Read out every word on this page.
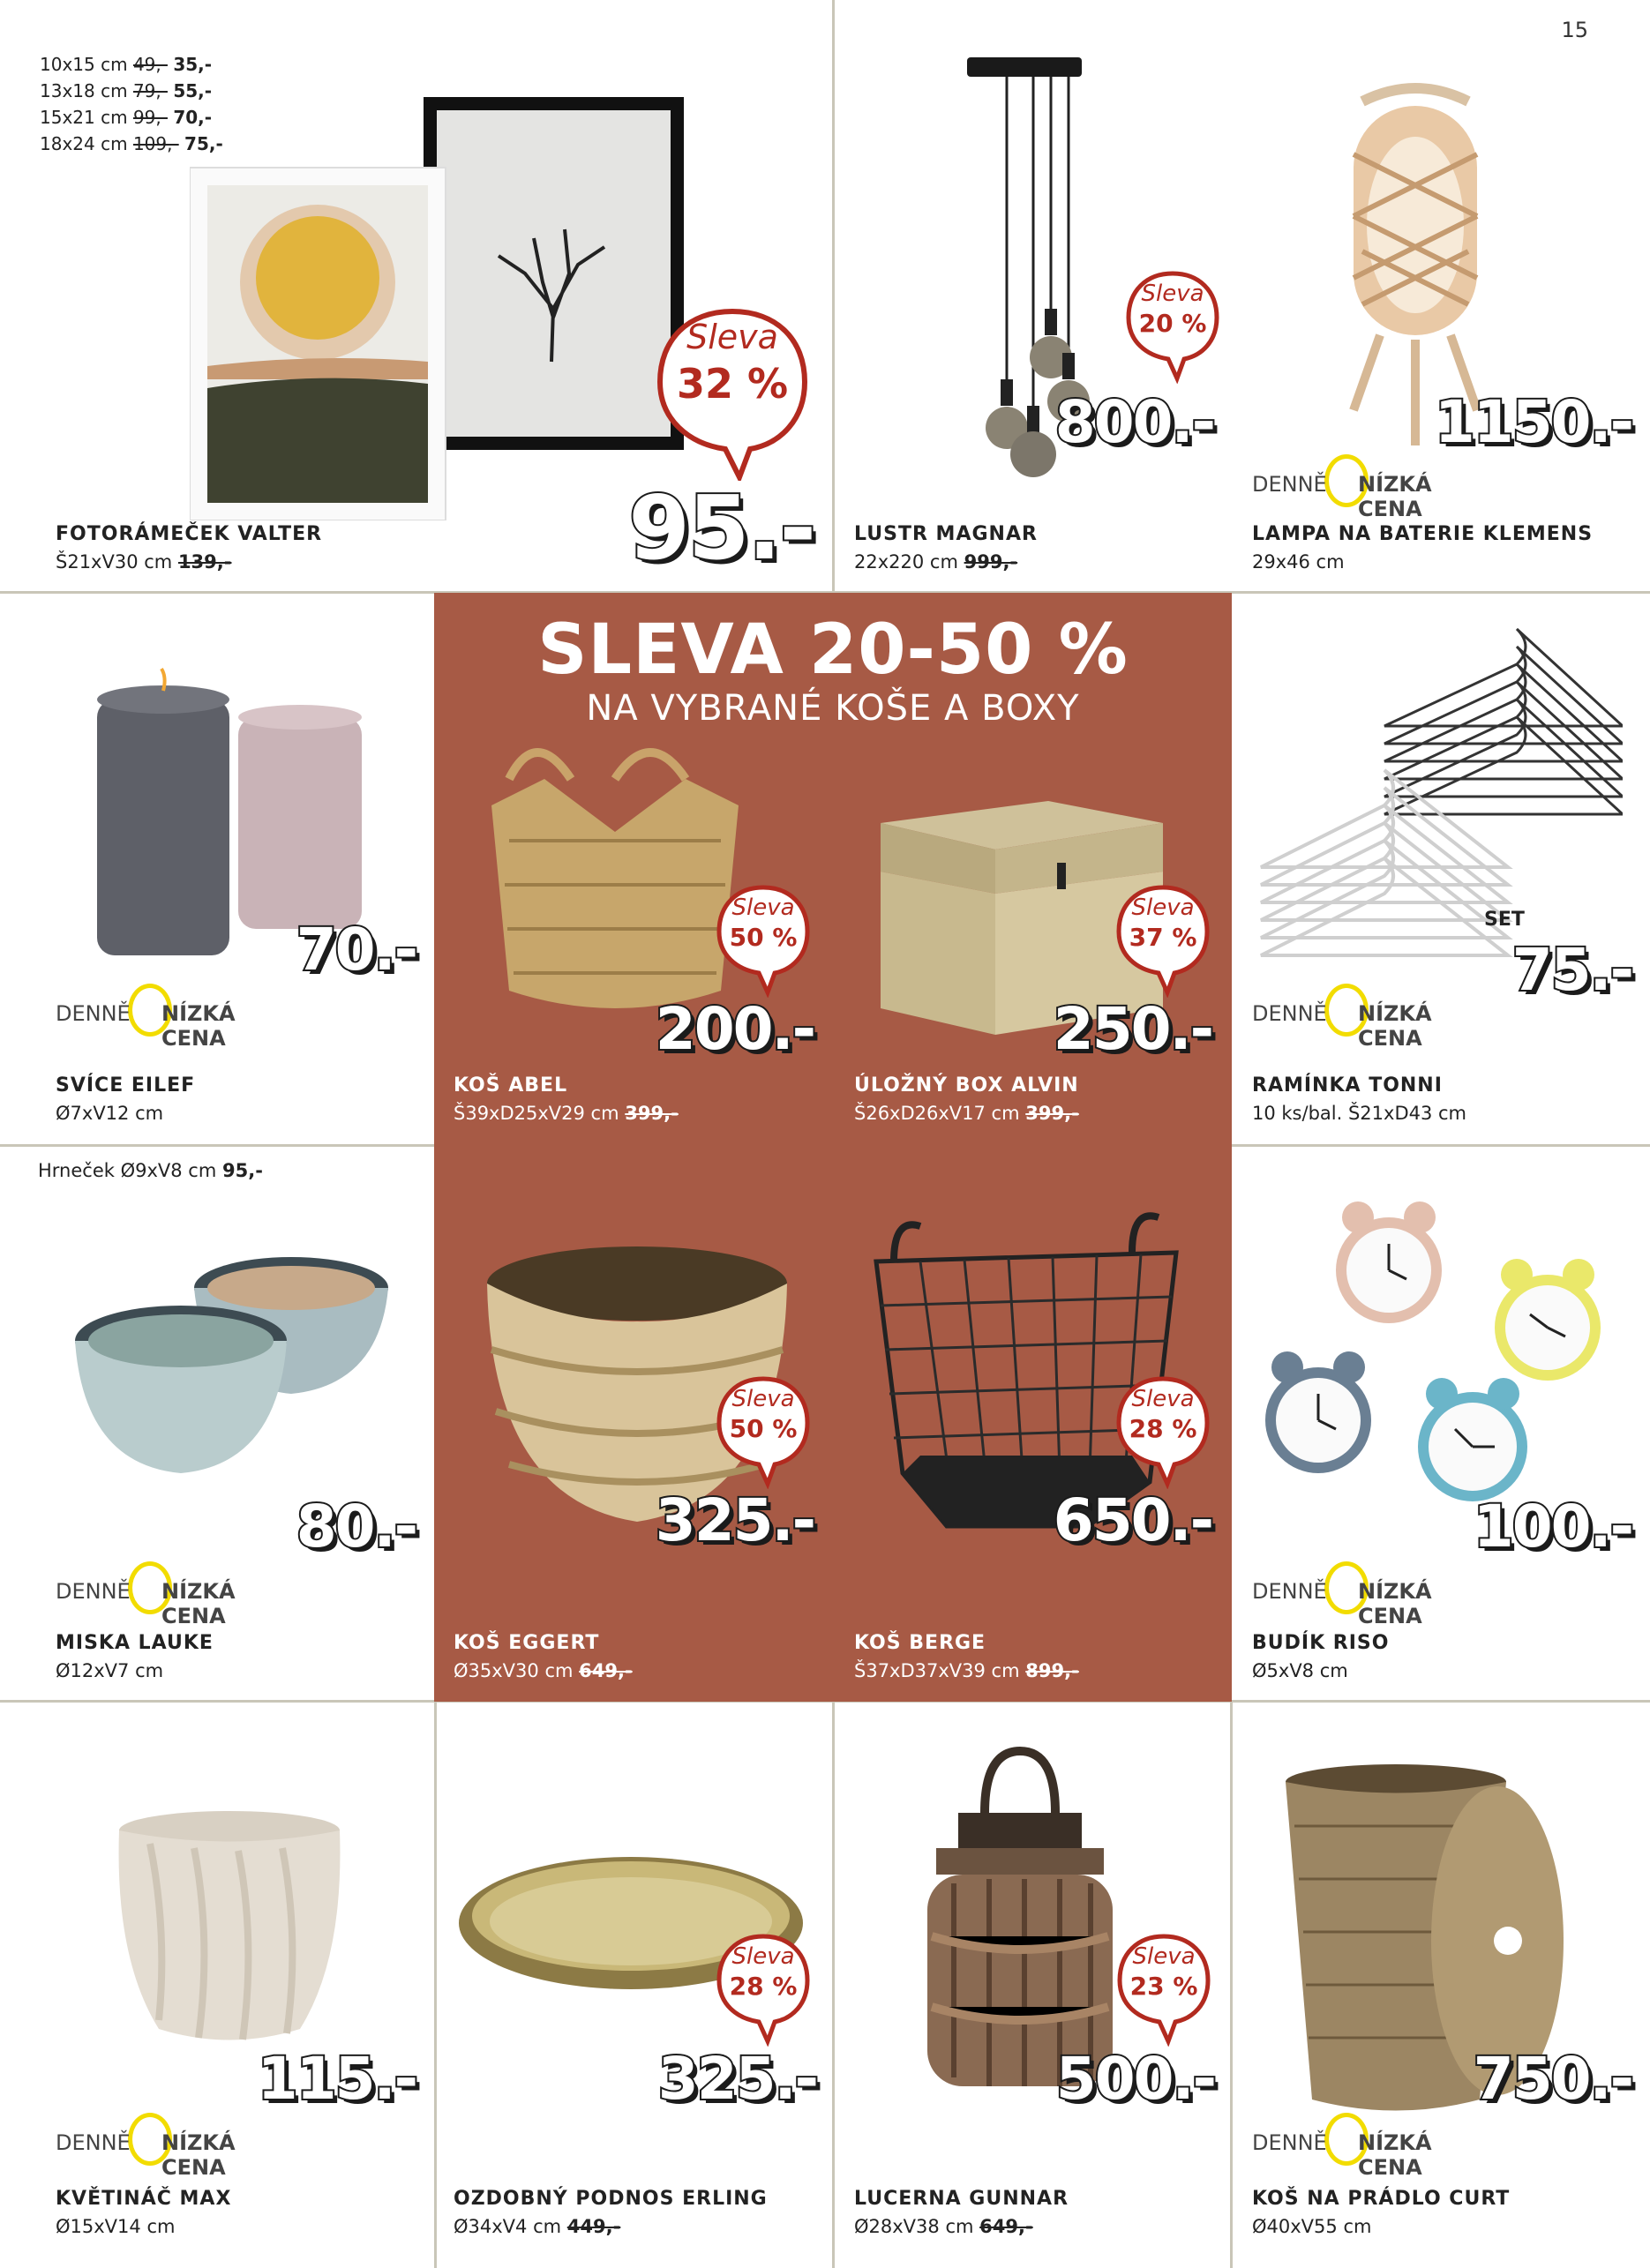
15
SLEVA 20-50 %
NA VYBRANÉ KOŠE A BOXY
10x15 cm 49,- 35,-
13x18 cm 79,- 55,-
15x21 cm 99,- 70,-
18x24 cm 109,- 75,-
Sleva
32 %
95.-
FOTORÁMEČEK VALTER
Š21xV30 cm 139,-
Sleva
20 %
800.-
LUSTR MAGNAR
22x220 cm 999,-
1150.-
DENNĚ NÍZKÁ CENA
LAMPA NA BATERIE KLEMENS
29x46 cm
70.-
DENNĚ NÍZKÁ CENA
SVÍCE EILEF
Ø7xV12 cm
Sleva
50 %
200.-
KOŠ ABEL
Š39xD25xV29 cm 399,-
Sleva
37 %
250.-
ÚLOŽNÝ BOX ALVIN
Š26xD26xV17 cm 399,-
SET
75.-
DENNĚ NÍZKÁ CENA
RAMÍNKA TONNI
10 ks/bal. Š21xD43 cm
Hrneček Ø9xV8 cm 95,-
80.-
DENNĚ NÍZKÁ CENA
MISKA LAUKE
Ø12xV7 cm
Sleva
50 %
325.-
KOŠ EGGERT
Ø35xV30 cm 649,-
Sleva
28 %
650.-
KOŠ BERGE
Š37xD37xV39 cm 899,-
100.-
DENNĚ NÍZKÁ CENA
BUDÍK RISO
Ø5xV8 cm
115.-
DENNĚ NÍZKÁ CENA
KVĚTINÁČ MAX
Ø15xV14 cm
Sleva
28 %
325.-
OZDOBNÝ PODNOS ERLING
Ø34xV4 cm 449,-
Sleva
23 %
500.-
LUCERNA GUNNAR
Ø28xV38 cm 649,-
750.-
DENNĚ NÍZKÁ CENA
KOŠ NA PRÁDLO CURT
Ø40xV55 cm
